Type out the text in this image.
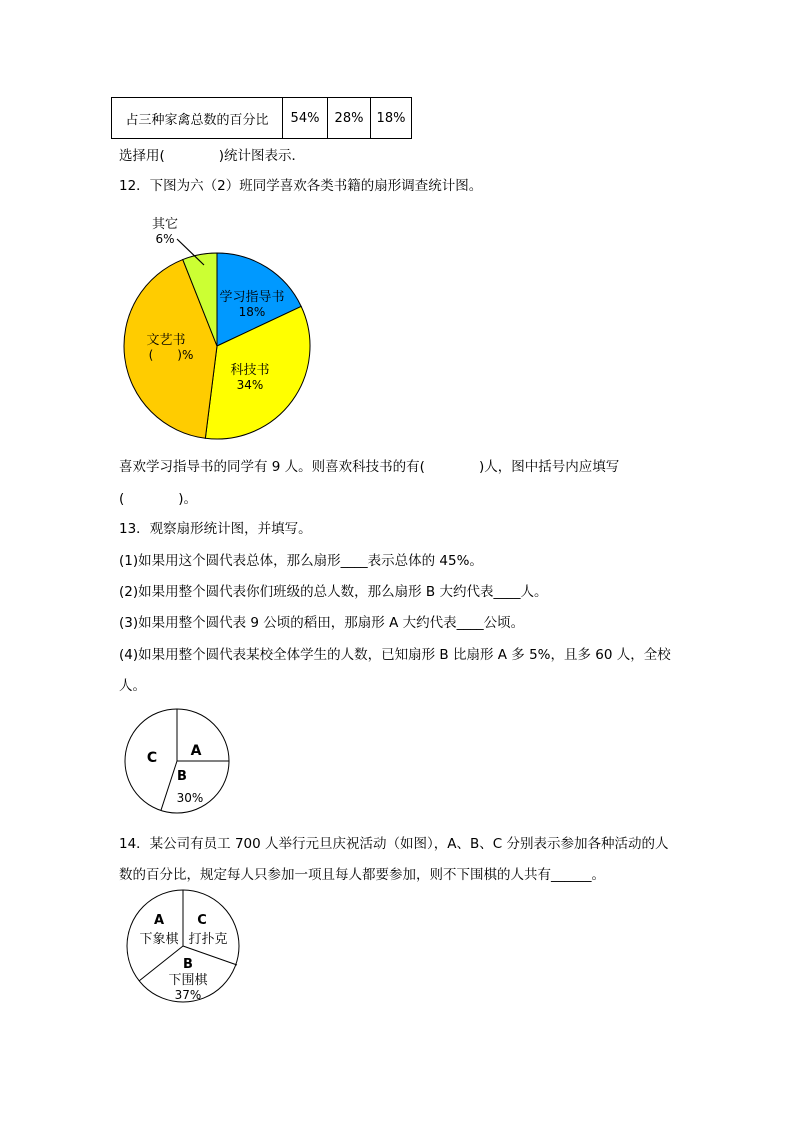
占三种家禽总数的百分比	54%	28%	18%
选择用(　　　　)统计图表示．
12．下图为六（2）班同学喜欢各类书籍的扇形调查统计图。
其它
6%
学习指导书
18%
科技书
34%
文艺书
(　　)%
喜欢学习指导书的同学有 9 人。则喜欢科技书的有(　　　　)人，图中括号内应填写
(　　　　)。
13．观察扇形统计图，并填写。
(1)如果用这个圆代表总体，那么扇形____表示总体的 45%。
(2)如果用整个圆代表你们班级的总人数，那么扇形 B 大约代表____人。
(3)如果用整个圆代表 9 公顷的稻田，那扇形 A 大约代表____公顷。
(4)如果用整个圆代表某校全体学生的人数，已知扇形 B 比扇形 A 多 5%，且多 60 人，全校
人。
A
B
30%
C
14．某公司有员工 700 人举行元旦庆祝活动（如图），A、B、C 分别表示参加各种活动的人
数的百分比，规定每人只参加一项且每人都要参加，则不下围棋的人共有______。
A
下象棋
C
打扑克
B
下围棋
37%
